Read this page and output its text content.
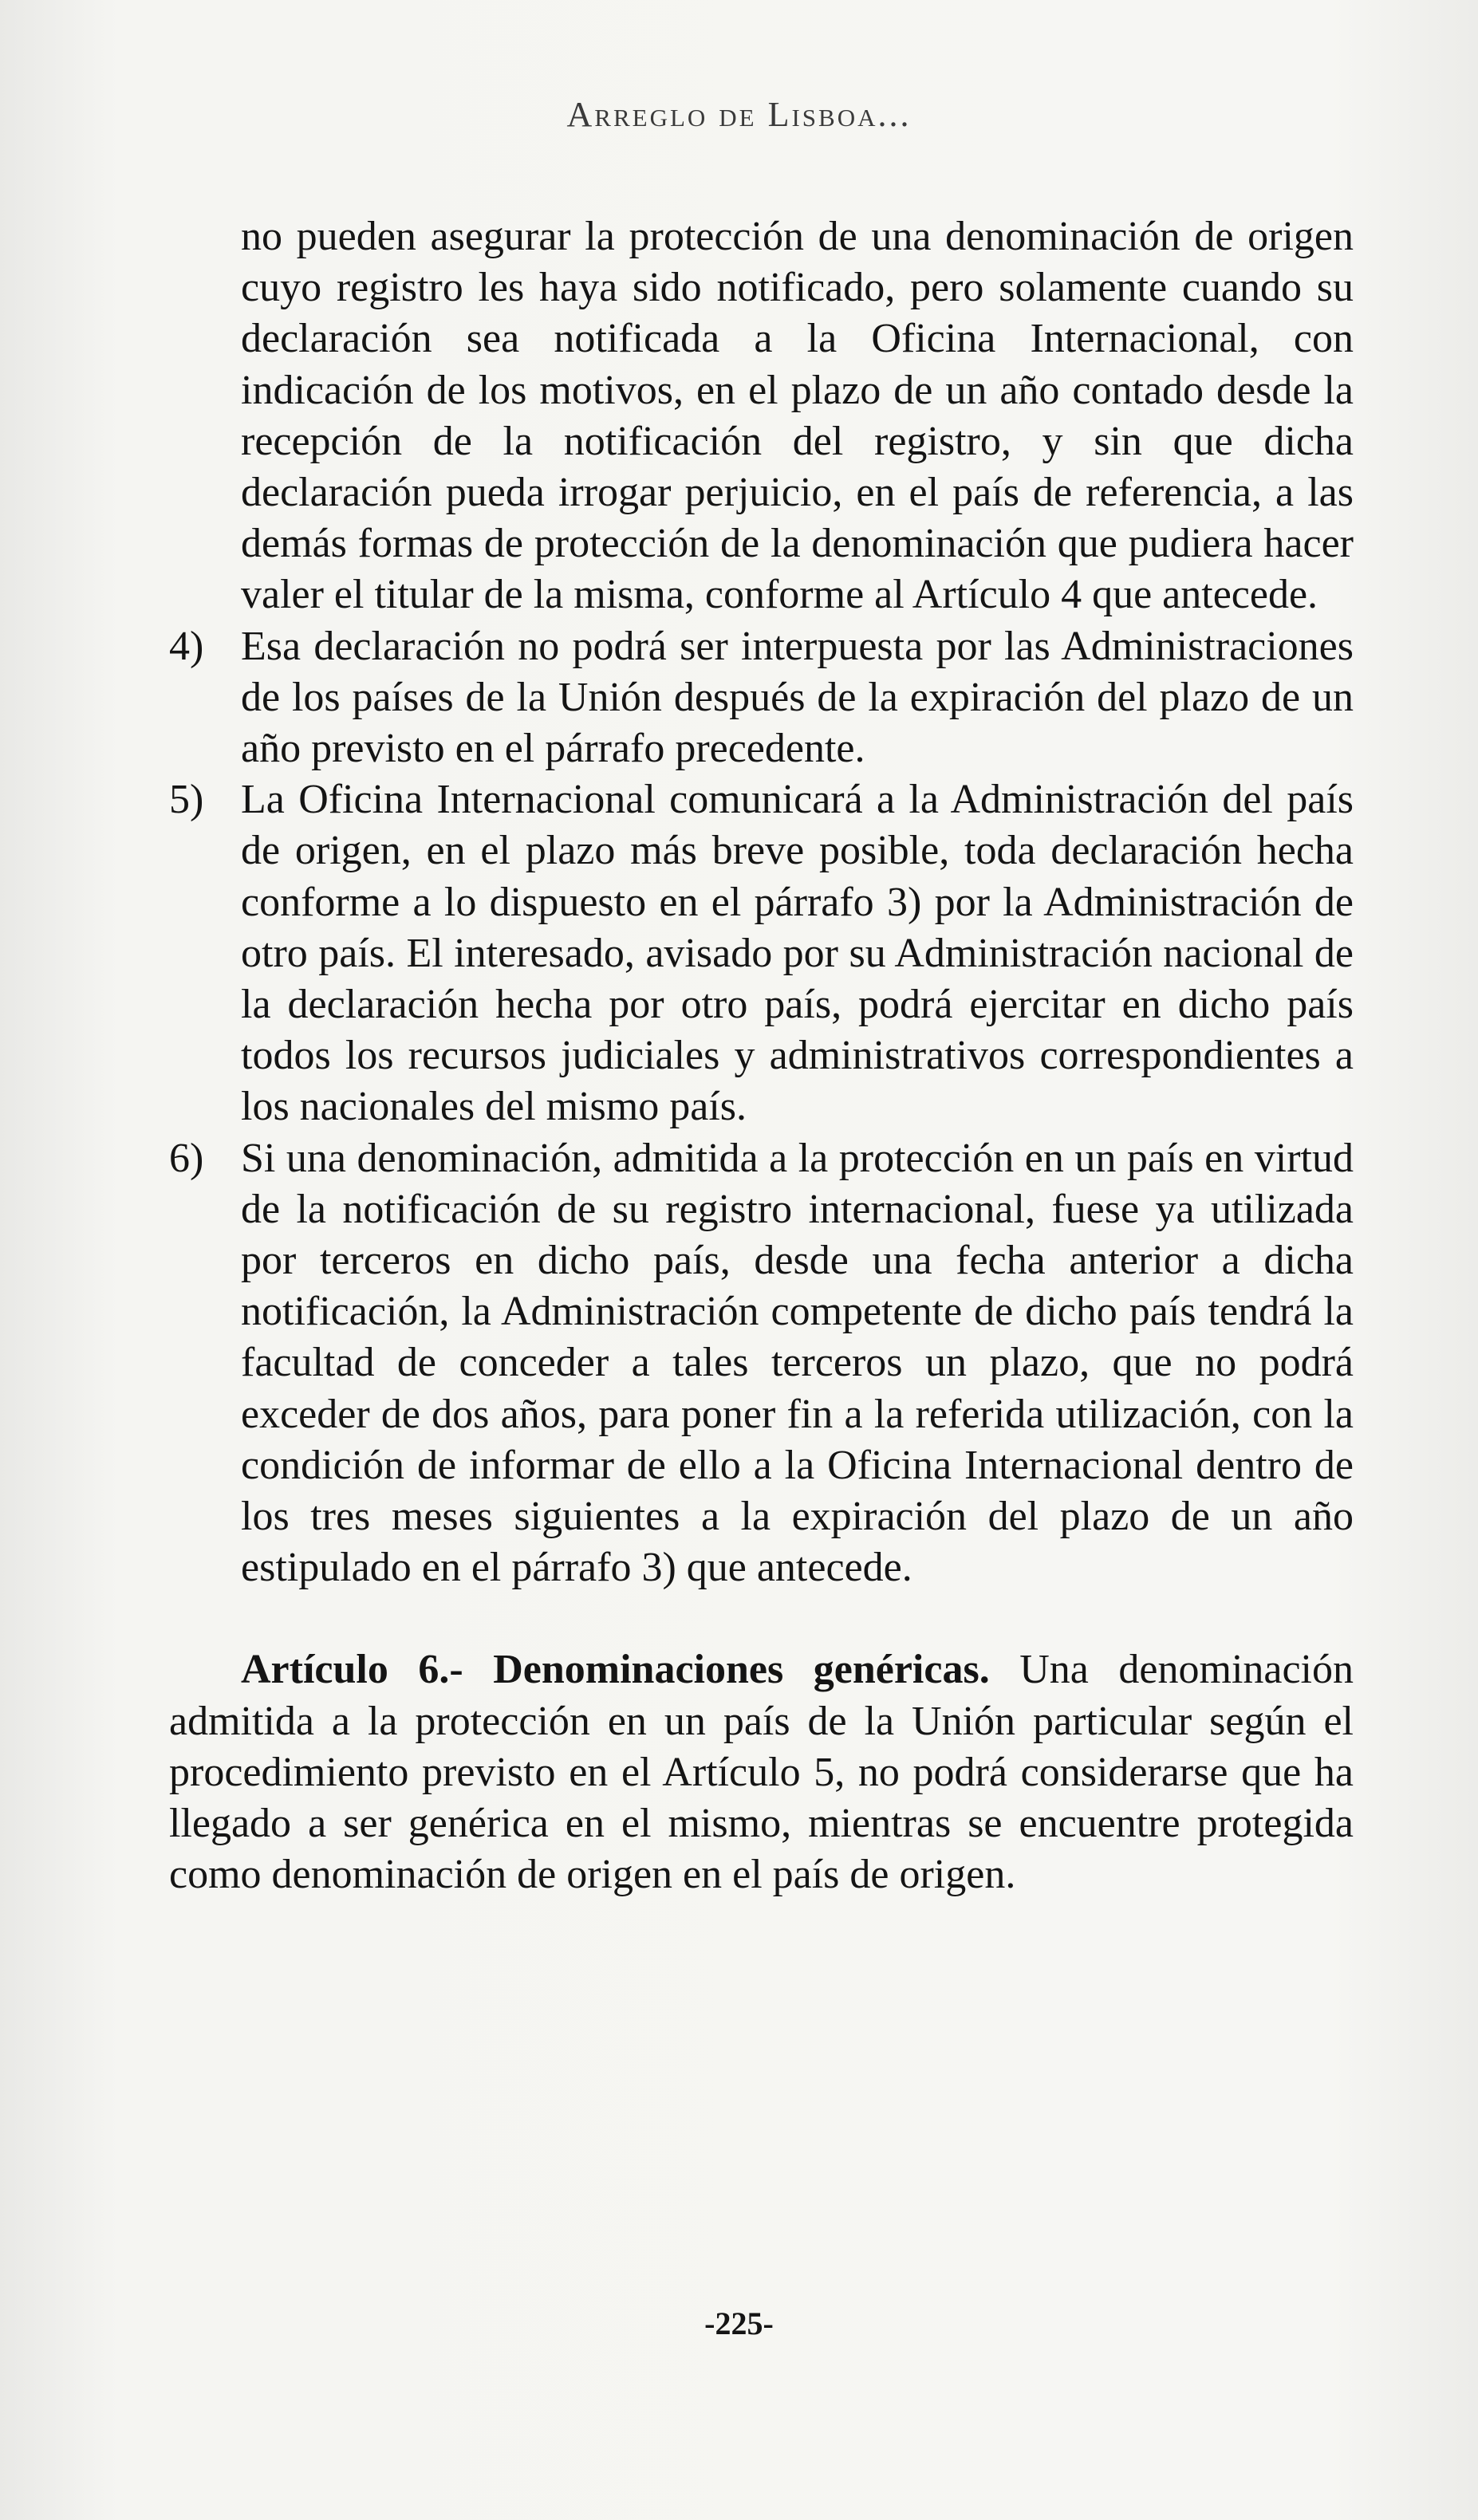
Arreglo de Lisboa...

no pueden asegurar la protección de una denominación de origen cuyo registro les haya sido notificado, pero solamente cuando su declaración sea notificada a la Oficina Internacional, con indicación de los motivos, en el plazo de un año contado desde la recepción de la notificación del registro, y sin que dicha declaración pueda irrogar perjuicio, en el país de referencia, a las demás formas de protección de la denominación que pudiera hacer valer el titular de la misma, conforme al Artículo 4 que antecede.

4) Esa declaración no podrá ser interpuesta por las Administraciones de los países de la Unión después de la expiración del plazo de un año previsto en el párrafo precedente.
5) La Oficina Internacional comunicará a la Administración del país de origen, en el plazo más breve posible, toda declaración hecha conforme a lo dispuesto en el párrafo 3) por la Administración de otro país. El interesado, avisado por su Administración nacional de la declaración hecha por otro país, podrá ejercitar en dicho país todos los recursos judiciales y administrativos correspondientes a los nacionales del mismo país.
6) Si una denominación, admitida a la protección en un país en virtud de la notificación de su registro internacional, fuese ya utilizada por terceros en dicho país, desde una fecha anterior a dicha notificación, la Administración competente de dicho país tendrá la facultad de conceder a tales terceros un plazo, que no podrá exceder de dos años, para poner fin a la referida utilización, con la condición de informar de ello a la Oficina Internacional dentro de los tres meses siguientes a la expiración del plazo de un año estipulado en el párrafo 3) que antecede.

Artículo 6.- Denominaciones genéricas. Una denominación admitida a la protección en un país de la Unión particular según el procedimiento previsto en el Artículo 5, no podrá considerarse que ha llegado a ser genérica en el mismo, mientras se encuentre protegida como denominación de origen en el país de origen.

-225-
